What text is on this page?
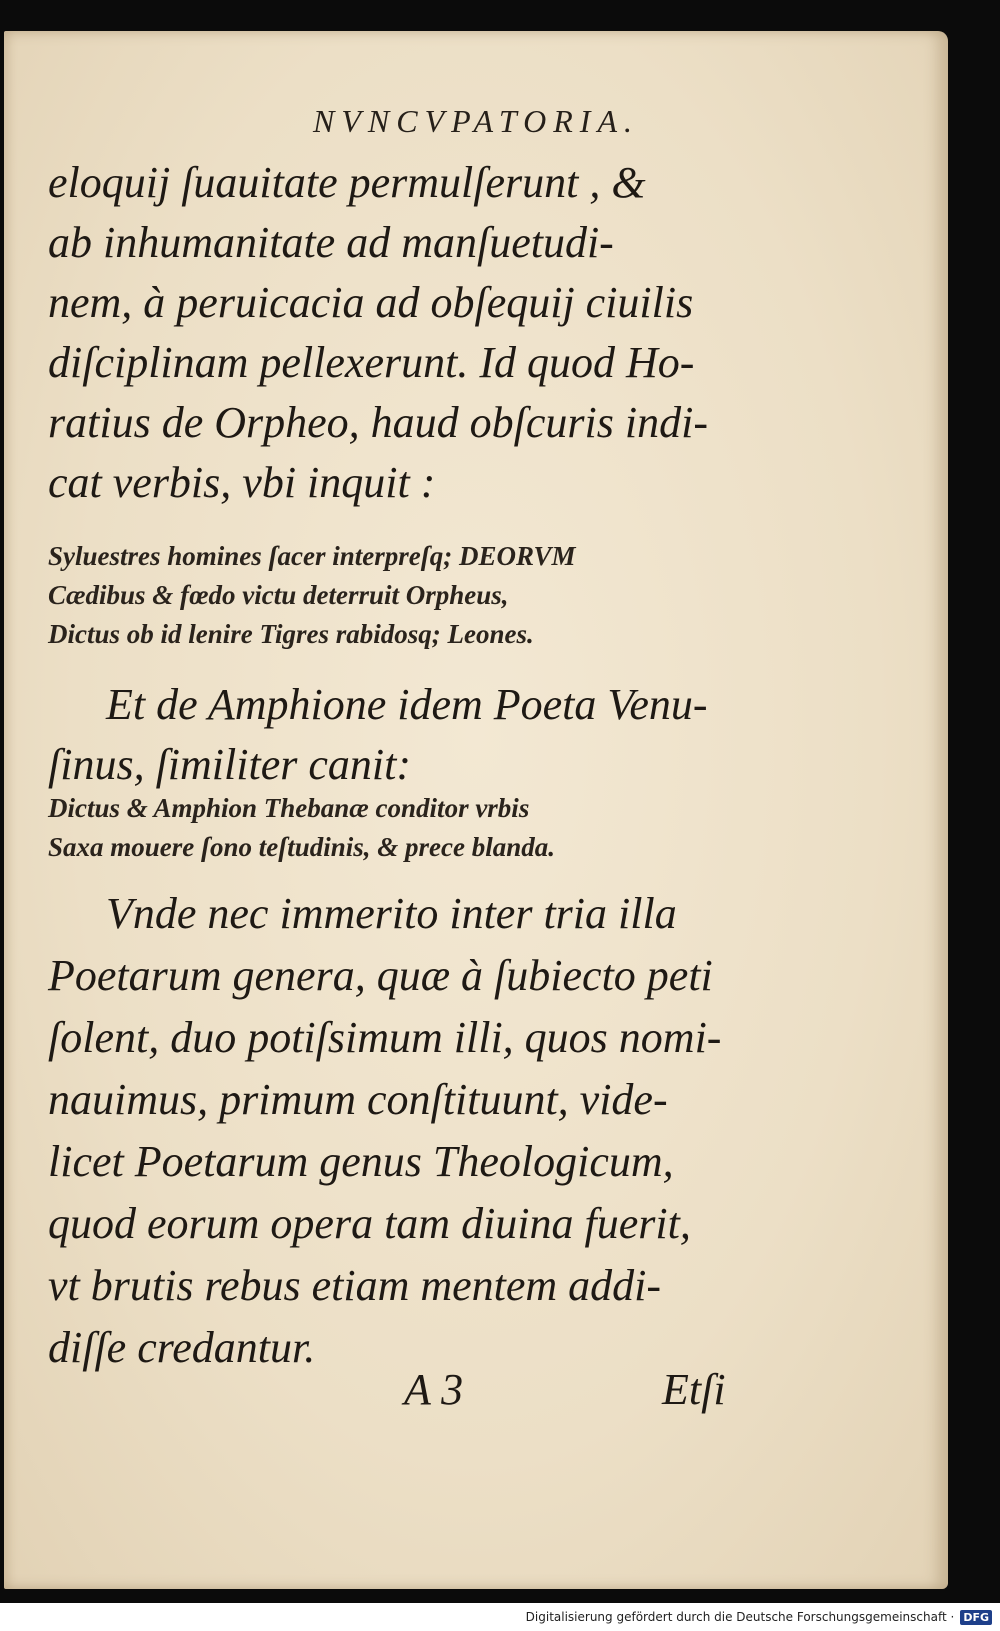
NVNCVPATORIA.
eloquij ſuauitate permulſerunt , &
ab inhumanitate ad manſuetudi-
nem, à peruicacia ad obſequij ciuilis
diſciplinam pellexerunt. Id quod Ho-
ratius de Orpheo, haud obſcuris indi-
cat verbis, vbi inquit :
Syluestres homines ſacer interpreſq; DEORVM
Cædibus & fœdo victu deterruit Orpheus,
Dictus ob id lenire Tigres rabidosq; Leones.
Et de Amphione idem Poeta Venu-
ſinus, ſimiliter canit:
Dictus & Amphion Thebanæ conditor vrbis
Saxa mouere ſono teſtudinis, & prece blanda.
Vnde nec immerito inter tria illa
Poetarum genera, quæ à ſubiecto peti
ſolent, duo potiſsimum illi, quos nomi-
nauimus, primum conſtituunt, vide-
licet Poetarum genus Theologicum,
quod eorum opera tam diuina fuerit,
vt brutis rebus etiam mentem addi-
diſſe credantur.
A 3	Etſi
Digitalisierung gefördert durch die Deutsche Forschungsgemeinschaft · DFG
